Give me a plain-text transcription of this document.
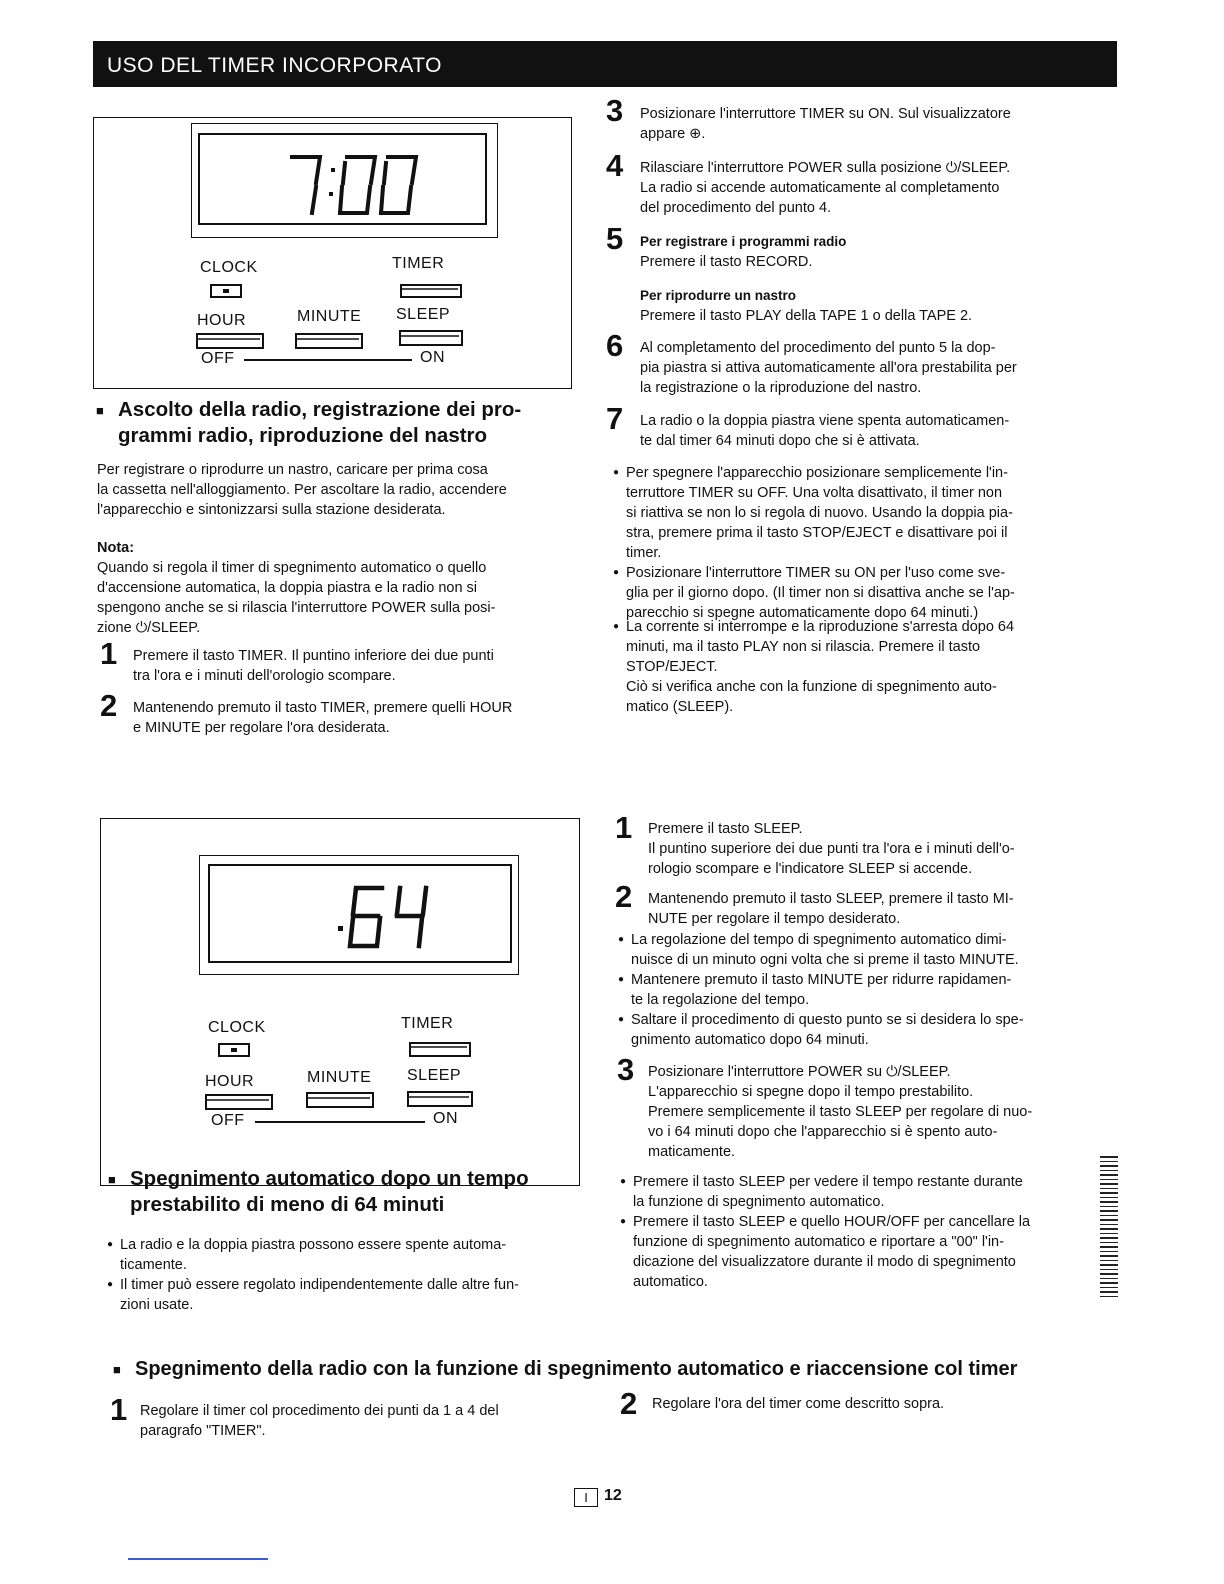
USO DEL TIMER INCORPORATO
CLOCK	TIMER
HOUR	MINUTE SLEEP
OFF	ON
■ Ascolto della radio, registrazione dei pro-
grammi radio, riproduzione del nastro
Per registrare o riprodurre un nastro, caricare per prima cosa
la cassetta nell'alloggiamento. Per ascoltare la radio, accendere
l'apparecchio e sintonizzarsi sulla stazione desiderata.
Nota:
Quando si regola il timer di spegnimento automatico o quello
d'accensione automatica, la doppia piastra e la radio non si
spengono anche se si rilascia l'interruttore POWER sulla posi-
zione ⏻/SLEEP.
1 Premere il tasto TIMER. Il puntino inferiore dei due punti
tra l'ora e i minuti dell'orologio scompare.
2 Mantenendo premuto il tasto TIMER, premere quelli HOUR
e MINUTE per regolare l'ora desiderata.
3 Posizionare l'interruttore TIMER su ON. Sul visualizzatore
appare ⊕.
4 Rilasciare l'interruttore POWER sulla posizione ⏻/SLEEP.
La radio si accende automaticamente al completamento
del procedimento del punto 4.
5 Per registrare i programmi radio
Premere il tasto RECORD.
Per riprodurre un nastro
Premere il tasto PLAY della TAPE 1 o della TAPE 2.
6 Al completamento del procedimento del punto 5 la dop-
pia piastra si attiva automaticamente all'ora prestabilita per
la registrazione o la riproduzione del nastro.
7 La radio o la doppia piastra viene spenta automaticamen-
te dal timer 64 minuti dopo che si è attivata.
● Per spegnere l'apparecchio posizionare semplicemente l'in-
terruttore TIMER su OFF. Una volta disattivato, il timer non
si riattiva se non lo si regola di nuovo. Usando la doppia pia-
stra, premere prima il tasto STOP/EJECT e disattivare poi il
timer.
● Posizionare l'interruttore TIMER su ON per l'uso come sve-
glia per il giorno dopo. (Il timer non si disattiva anche se l'ap-
parecchio si spegne automaticamente dopo 64 minuti.)
● La corrente si interrompe e la riproduzione s'arresta dopo 64
minuti, ma il tasto PLAY non si rilascia. Premere il tasto
STOP/EJECT.
Ciò si verifica anche con la funzione di spegnimento auto-
matico (SLEEP).
CLOCK	TIMER
HOUR	MINUTE SLEEP
OFF	ON
■ Spegnimento automatico dopo un tempo
prestabilito di meno di 64 minuti
● La radio e la doppia piastra possono essere spente automa-
ticamente.
● Il timer può essere regolato indipendentemente dalle altre fun-
zioni usate.
1 Premere il tasto SLEEP.
Il puntino superiore dei due punti tra l'ora e i minuti dell'o-
rologio scompare e l'indicatore SLEEP si accende.
2 Mantenendo premuto il tasto SLEEP, premere il tasto MI-
NUTE per regolare il tempo desiderato.
● La regolazione del tempo di spegnimento automatico dimi-
nuisce di un minuto ogni volta che si preme il tasto MINUTE.
● Mantenere premuto il tasto MINUTE per ridurre rapidamen-
te la regolazione del tempo.
● Saltare il procedimento di questo punto se si desidera lo spe-
gnimento automatico dopo 64 minuti.
3 Posizionare l'interruttore POWER su ⏻/SLEEP.
L'apparecchio si spegne dopo il tempo prestabilito.
Premere semplicemente il tasto SLEEP per regolare di nuo-
vo i 64 minuti dopo che l'apparecchio si è spento auto-
maticamente.
● Premere il tasto SLEEP per vedere il tempo restante durante
la funzione di spegnimento automatico.
● Premere il tasto SLEEP e quello HOUR/OFF per cancellare la
funzione di spegnimento automatico e riportare a "00" l'in-
dicazione del visualizzatore durante il modo di spegnimento
automatico.
■ Spegnimento della radio con la funzione di spegnimento automatico e riaccensione col timer
1 Regolare il timer col procedimento dei punti da 1 a 4 del
paragrafo "TIMER".
2 Regolare l'ora del timer come descritto sopra.
I	12
